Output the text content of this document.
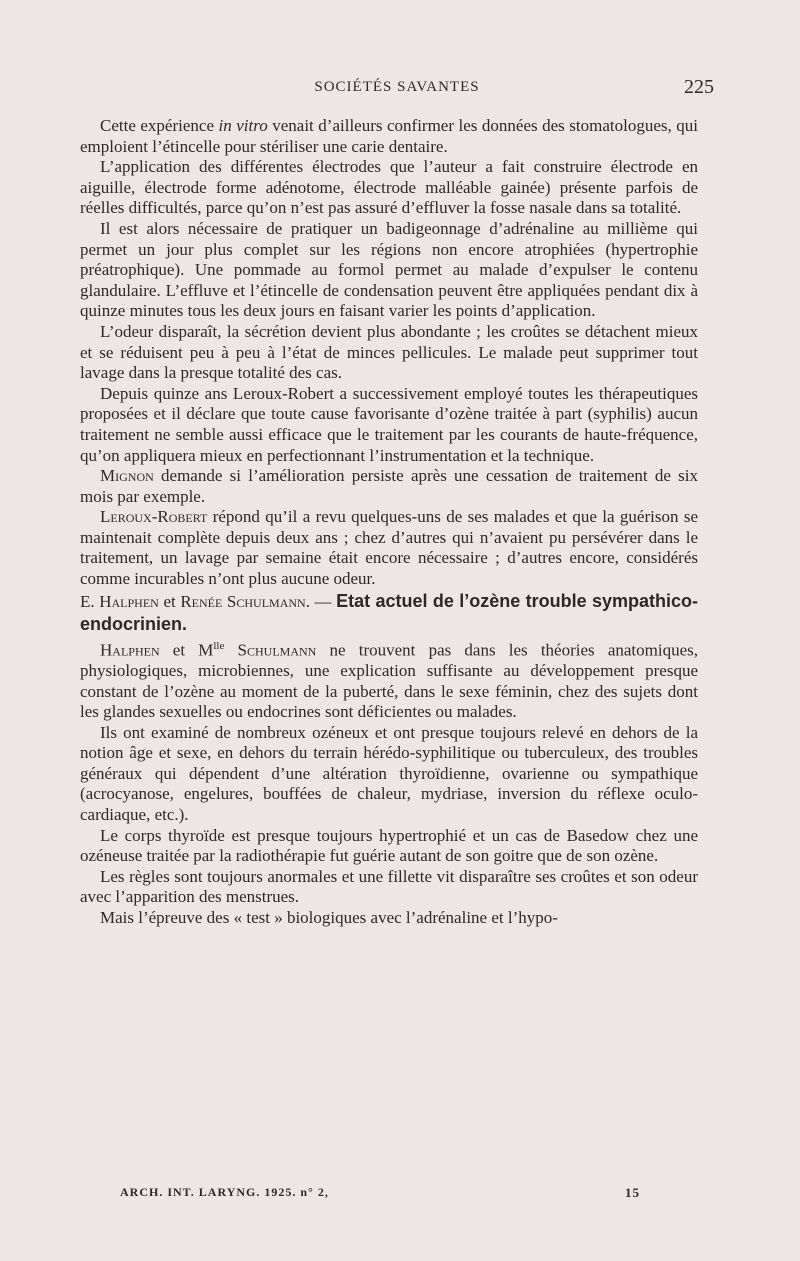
SOCIÉTÉS SAVANTES	225

Cette expérience in vitro venait d’ailleurs confirmer les données des stomatologues, qui emploient l’étincelle pour stériliser une carie dentaire.

L’application des différentes électrodes que l’auteur a fait construire électrode en aiguille, électrode forme adénotome, électrode malléable gainée) présente parfois de réelles difficultés, parce qu’on n’est pas assuré d’effluver la fosse nasale dans sa totalité.

Il est alors nécessaire de pratiquer un badigeonnage d’adrénaline au millième qui permet un jour plus complet sur les régions non encore atrophiées (hypertrophie préatrophique). Une pommade au formol permet au malade d’expulser le contenu glandulaire. L’effluve et l’étincelle de condensation peuvent être appliquées pendant dix à quinze minutes tous les deux jours en faisant varier les points d’application.

L’odeur disparaît, la sécrétion devient plus abondante ; les croûtes se détachent mieux et se réduisent peu à peu à l’état de minces pellicules. Le malade peut supprimer tout lavage dans la presque totalité des cas.

Depuis quinze ans Leroux-Robert a successivement employé toutes les thérapeutiques proposées et il déclare que toute cause favorisante d’ozène traitée à part (syphilis) aucun traitement ne semble aussi efficace que le traitement par les courants de haute-fréquence, qu’on appliquera mieux en perfectionnant l’instrumentation et la technique.

Mignon demande si l’amélioration persiste après une cessation de traitement de six mois par exemple.

Leroux-Robert répond qu’il a revu quelques-uns de ses malades et que la guérison se maintenait complète depuis deux ans ; chez d’autres qui n’avaient pu persévérer dans le traitement, un lavage par semaine était encore nécessaire ; d’autres encore, considérés comme incurables n’ont plus aucune odeur.

E. Halphen et Renée Schulmann. — Etat actuel de l’ozène trouble sympathico-endocrinien.

Halphen et $M^{lle}$ Schulmann ne trouvent pas dans les théories anatomiques, physiologiques, microbiennes, une explication suffisante au développement presque constant de l’ozène au moment de la puberté, dans le sexe féminin, chez des sujets dont les glandes sexuelles ou endocrines sont déficientes ou malades.

Ils ont examiné de nombreux ozéneux et ont presque toujours relevé en dehors de la notion âge et sexe, en dehors du terrain hérédo-syphilitique ou tuberculeux, des troubles généraux qui dépendent d’une altération thyroïdienne, ovarienne ou sympathique (acrocyanose, engelures, bouffées de chaleur, mydriase, inversion du réflexe oculo-cardiaque, etc.).

Le corps thyroïde est presque toujours hypertrophié et un cas de Basedow chez une ozéneuse traitée par la radiothérapie fut guérie autant de son goitre que de son ozène.

Les règles sont toujours anormales et une fillette vit disparaître ses croûtes et son odeur avec l’apparition des menstrues.

Mais l’épreuve des « test » biologiques avec l’adrénaline et l’hypo-

ARCH. INT. LARYNG. 1925. n° 2,	15
